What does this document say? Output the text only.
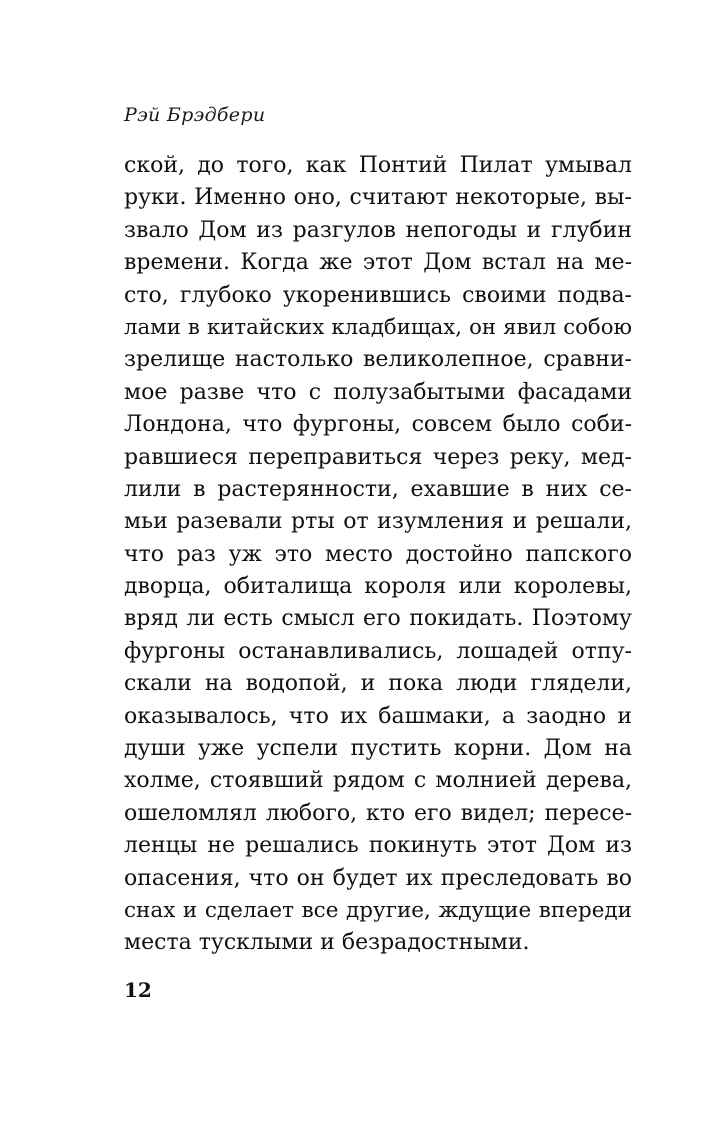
Рэй Брэдбери
ской, до того, как Понтий Пилат умывал
руки. Именно оно, считают некоторые, вы-
звало Дом из разгулов непогоды и глубин
времени. Когда же этот Дом встал на ме-
сто, глубоко укоренившись своими подва-
лами в китайских кладбищах, он явил собою
зрелище настолько великолепное, сравни-
мое разве что с полузабытыми фасадами
Лондона, что фургоны, совсем было соби-
равшиеся переправиться через реку, мед-
лили в растерянности, ехавшие в них се-
мьи разевали рты от изумления и решали,
что раз уж это место достойно папского
дворца, обиталища короля или королевы,
вряд ли есть смысл его покидать. Поэтому
фургоны останавливались, лошадей отпу-
скали на водопой, и пока люди глядели,
оказывалось, что их башмаки, а заодно и
души уже успели пустить корни. Дом на
холме, стоявший рядом с молнией дерева,
ошеломлял любого, кто его видел; пересе-
ленцы не решались покинуть этот Дом из
опасения, что он будет их преследовать во
снах и сделает все другие, ждущие впереди
места тусклыми и безрадостными.
12
